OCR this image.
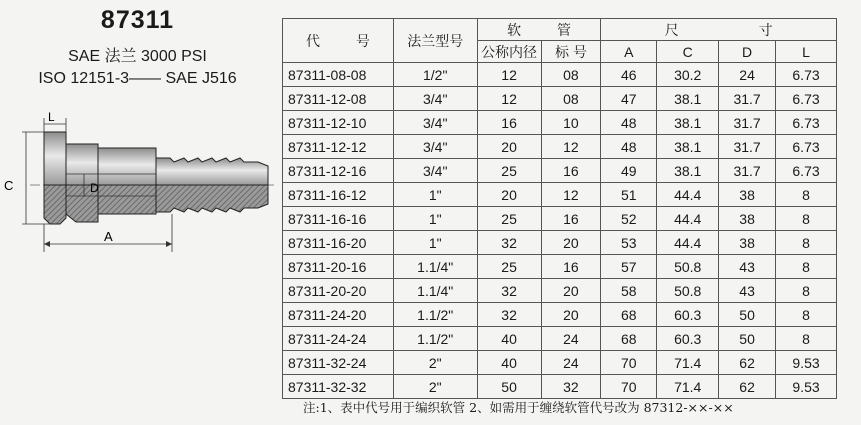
87311
SAE 法兰 3000 PSI
ISO 12151-3—— SAE J516
L
C	D
A
代 号	法兰型号	软 管		尺 寸			
		公称内径	标 号	A	C	D	L
87311-08-08	1/2"	12	08	46	30.2	24	6.73
87311-12-08	3/4"	12	08	47	38.1	31.7	6.73
87311-12-10	3/4"	16	10	48	38.1	31.7	6.73
87311-12-12	3/4"	20	12	48	38.1	31.7	6.73
87311-12-16	3/4"	25	16	49	38.1	31.7	6.73
87311-16-12	1"	20	12	51	44.4	38	8
87311-16-16	1"	25	16	52	44.4	38	8
87311-16-20	1"	32	20	53	44.4	38	8
87311-20-16	1.1/4"	25	16	57	50.8	43	8
87311-20-20	1.1/4"	32	20	58	50.8	43	8
87311-24-20	1.1/2"	32	20	68	60.3	50	8
87311-24-24	1.1/2"	40	24	68	60.3	50	8
87311-32-24	2"	40	24	70	71.4	62	9.53
87311-32-32	2"	50	32	70	71.4	62	9.53
注:1、表中代号用于编织软管 2、如需用于缠绕软管代号改为 87312-××-××
